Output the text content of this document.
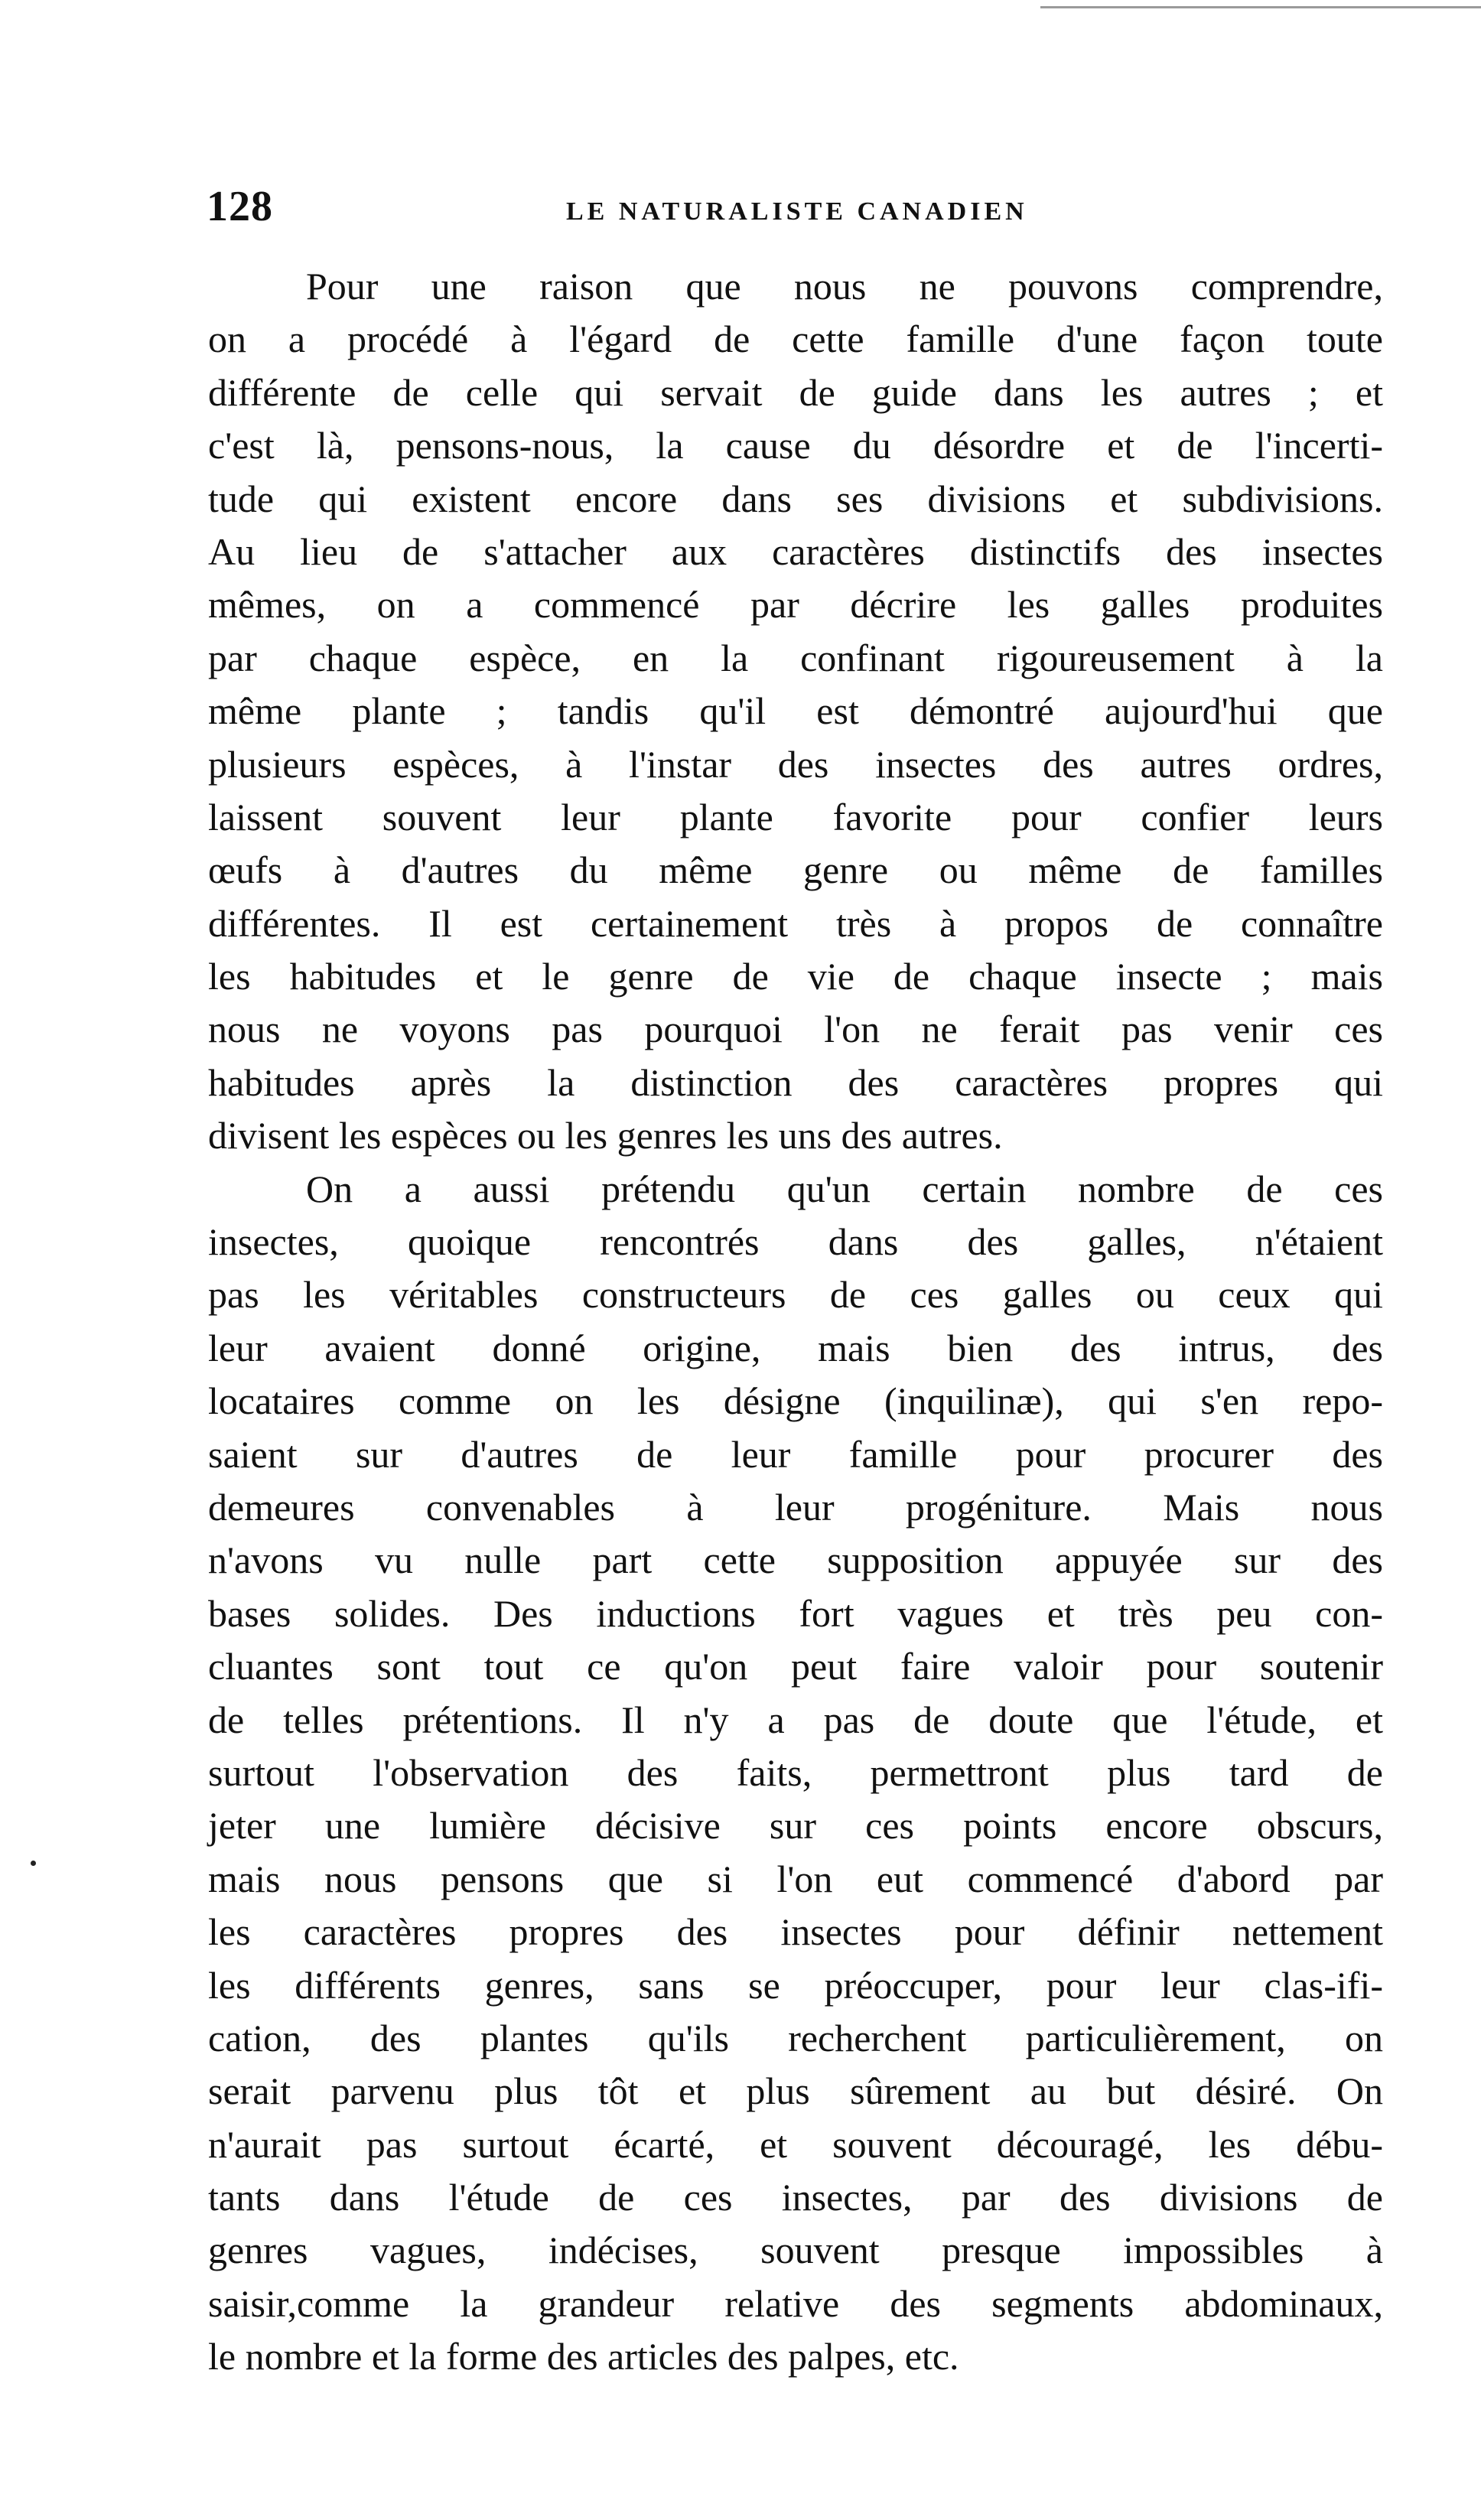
128	LE NATURALISTE CANADIEN
Pour une raison que nous ne pouvons comprendre,
on a procédé à l'égard de cette famille d'une façon toute
différente de celle qui servait de guide dans les autres ; et
c'est là, pensons-nous, la cause du désordre et de l'incerti-
tude qui existent encore dans ses divisions et subdivisions.
Au lieu de s'attacher aux caractères distinctifs des insectes
mêmes, on a commencé par décrire les galles produites
par chaque espèce, en la confinant rigoureusement à la
même plante ; tandis qu'il est démontré aujourd'hui que
plusieurs espèces, à l'instar des insectes des autres ordres,
laissent souvent leur plante favorite pour confier leurs
œufs à d'autres du même genre ou même de familles
différentes. Il est certainement très à propos de connaître
les habitudes et le genre de vie de chaque insecte ; mais
nous ne voyons pas pourquoi l'on ne ferait pas venir ces
habitudes après la distinction des caractères propres qui
divisent les espèces ou les genres les uns des autres.
On a aussi prétendu qu'un certain nombre de ces
insectes, quoique rencontrés dans des galles, n'étaient
pas les véritables constructeurs de ces galles ou ceux qui
leur avaient donné origine, mais bien des intrus, des
locataires comme on les désigne (inquilinæ), qui s'en repo-
saient sur d'autres de leur famille pour procurer des
demeures convenables à leur progéniture. Mais nous
n'avons vu nulle part cette supposition appuyée sur des
bases solides. Des inductions fort vagues et très peu con-
cluantes sont tout ce qu'on peut faire valoir pour soutenir
de telles prétentions. Il n'y a pas de doute que l'étude, et
surtout l'observation des faits, permettront plus tard de
jeter une lumière décisive sur ces points encore obscurs,
mais nous pensons que si l'on eut commencé d'abord par
les caractères propres des insectes pour définir nettement
les différents genres, sans se préoccuper, pour leur clas-ifi-
cation, des plantes qu'ils recherchent particulièrement, on
serait parvenu plus tôt et plus sûrement au but désiré. On
n'aurait pas surtout écarté, et souvent découragé, les débu-
tants dans l'étude de ces insectes, par des divisions de
genres vagues, indécises, souvent presque impossibles à
saisir,comme la grandeur relative des segments abdominaux,
le nombre et la forme des articles des palpes, etc.
